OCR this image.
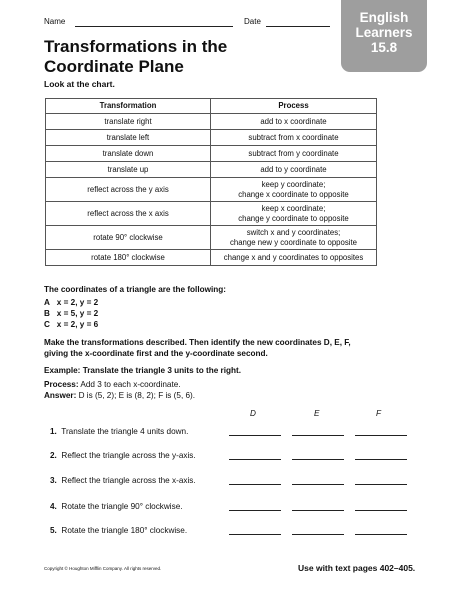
Name	Date	English
Learners
15.8
Transformations in the
Coordinate Plane
Look at the chart.
Transformation	Process
translate right	add to x coordinate
translate left	subtract from x coordinate
translate down	subtract from y coordinate
translate up	add to y coordinate
reflect across the y axis	keep y coordinate;
change x coordinate to opposite

reflect across the x axis	keep x coordinate;
change y coordinate to opposite

rotate 90° clockwise	switch x and y coordinates;
change new y coordinate to opposite

rotate 180° clockwise	change x and y coordinates to opposites
The coordinates of a triangle are the following:
A x = 2, y = 2
B x = 5, y = 2
C x = 2, y = 6
Make the transformations described. Then identify the new coordinates D, E, F,
giving the x-coordinate first and the y-coordinate second.
Example: Translate the triangle 3 units to the right.
Process: Add 3 to each x-coordinate.
Answer: D is (5, 2); E is (8, 2); F is (5, 6).
D	E	F
1. Translate the triangle 4 units down.
2. Reflect the triangle across the y-axis.
3. Reflect the triangle across the x-axis.
4. Rotate the triangle 90° clockwise.
5. Rotate the triangle 180° clockwise.
Copyright © Houghton Mifflin Company. All rights reserved.	Use with text pages 402–405.
